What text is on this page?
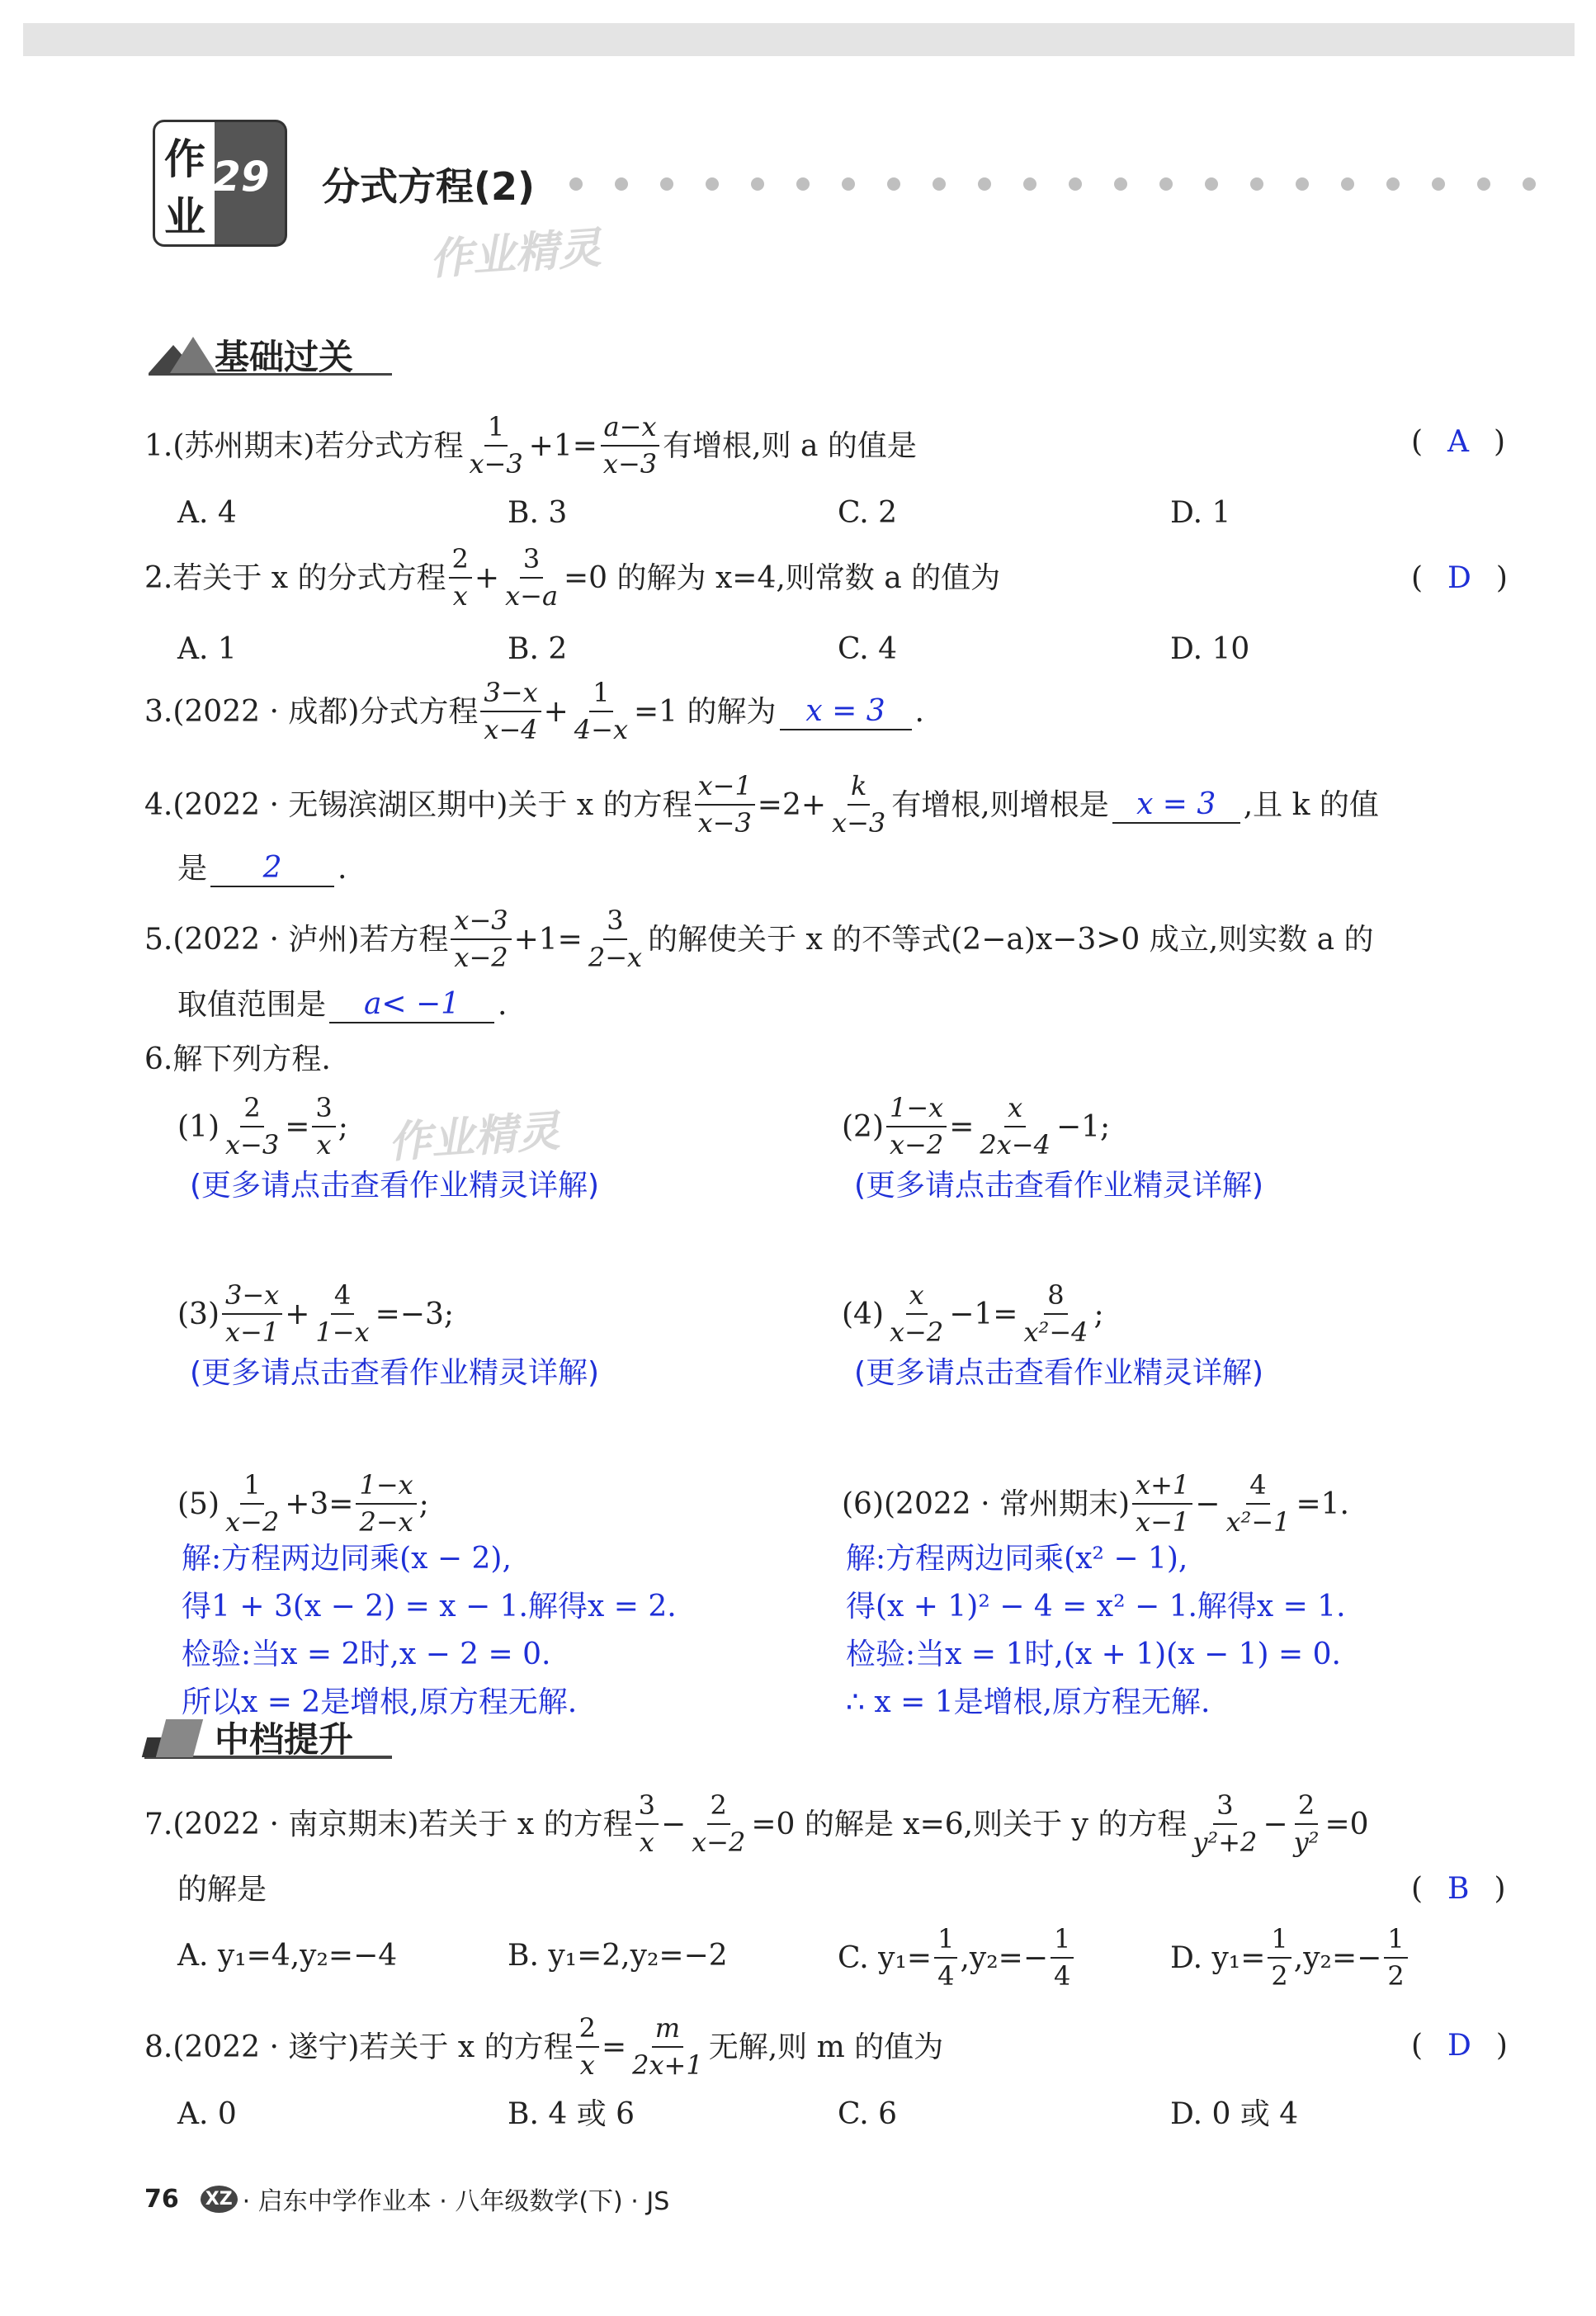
作
业
29 分式方程(2)
作业精灵
基础过关
1.(苏州期末)若分式方程 $\frac{1}{x-3} +1= \frac{a-x}{x-3}$ 有增根,则 a 的值是	( A )
A. 4	B. 3	C. 2	D. 1
2.若关于 x 的分式方程 $\frac{2}{x} + \frac{3}{x-a} =0$ 的解为 x=4,则常数 a 的值为	( D )
A. 1	B. 2	C. 4	D. 10
3.(2022 · 成都)分式方程 $\frac{3-x}{x-4} + \frac{1}{4-x} =1$ 的解为 x = 3 .
4.(2022 · 无锡滨湖区期中)关于 x 的方程 $\frac{x-1}{x-3} =2+ \frac{k}{x-3}$ 有增根,则增根是 x = 3 ,且 k 的值
是	2	.
5.(2022 · 泸州)若方程 $\frac{x-3}{x-2} +1= \frac{3}{2-x}$ 的解使关于 x 的不等式(2−a)x−3>0 成立,则实数 a 的
取值范围是	a< −1	.
6.解下列方程.
$(1) \frac{2}{x-3} = \frac{3}{x}$ ; 作业精灵
(更多请点击查看作业精灵详解)
$(2) \frac{1-x}{x-2} = \frac{x}{2x-4} -1$;
(更多请点击查看作业精灵详解)
$(3) \frac{3-x}{x-1} + \frac{4}{1-x} =-3$;
(更多请点击查看作业精灵详解)
$(4) \frac{x}{x-2} -1= \frac{8}{\text{x²−4}}$ ;
(更多请点击查看作业精灵详解)
$(5) \frac{1}{x-2} +3= \frac{1-x}{2-x}$ ;
解:方程两边同乘(x − 2),
得1 + 3(x − 2) = x − 1.解得x = 2.
检验:当x = 2时,x − 2 = 0.
所以x = 2是增根,原方程无解.
(6)(2022 · 常州期末) $\frac{x+1}{x-1} - \frac{4}{\text{x²−1}} =1$.
解:方程两边同乘(x² − 1),
得(x + 1)² − 4 = x² − 1.解得x = 1.
检验:当x = 1时,(x + 1)(x − 1) = 0.
∴ x = 1是增根,原方程无解.
中档提升
7.(2022 · 南京期末)若关于 x 的方程 $\frac{3}{x} - \frac{2}{x-2} =0$ 的解是 x=6,则关于 y 的方程 $\frac{3}{\text{y²+2}} - \frac{2}{\text{y²}} =0$
的解是	( B )
A. y₁=4,y₂=−4	B. y₁=2,y₂=−2	C. $y_1= \frac{1}{4} ,y_2=- \frac{1}{4}$	D. $y_1= \frac{1}{2} ,y_2=- \frac{1}{2}$
8.(2022 · 遂宁)若关于 x 的方程 $\frac{2}{x} = \frac{m}{2x+1}$ 无解,则 m 的值为	( D )
A. 0	B. 4 或 6	C. 6	D. 0 或 4
76 XZ · 启东中学作业本 · 八年级数学(下) · JS
